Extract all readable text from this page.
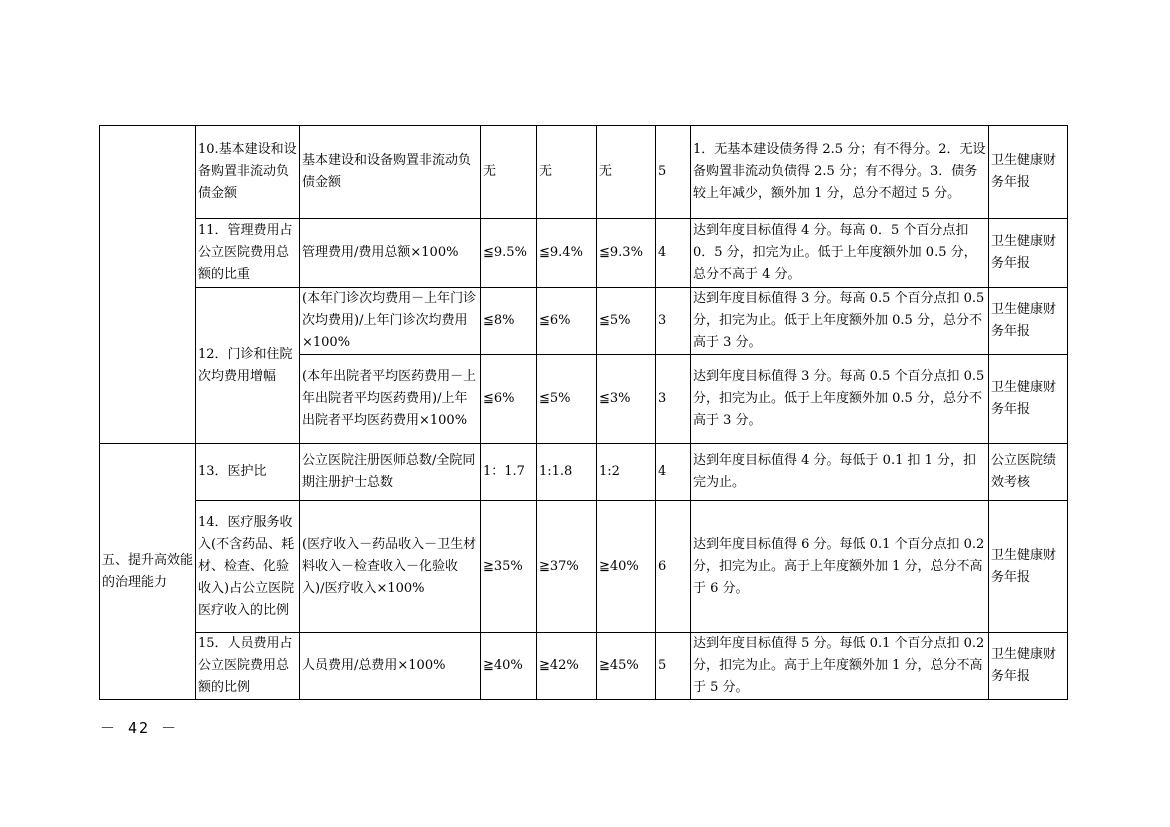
	10.基本建设和设备购置非流动负债金额	基本建设和设备购置非流动负债金额	无	无	无	5	1．无基本建设债务得 2.5 分；有不得分。2．无设备购置非流动负债得 2.5 分；有不得分。3．债务较上年减少，额外加 1 分，总分不超过 5 分。	卫生健康财务年报
	11．管理费用占公立医院费用总额的比重	管理费用/费用总额×100%	≦9.5%	≦9.4%	≦9.3%	4	达到年度目标值得 4 分。每高 0．5 个百分点扣 0．5 分，扣完为止。低于上年度额外加 0.5 分，总分不高于 4 分。	卫生健康财务年报
	12．门诊和住院次均费用增幅	(本年门诊次均费用－上年门诊次均费用)/上年门诊次均费用×100%	≦8%	≦6%	≦5%	3	达到年度目标值得 3 分。每高 0.5 个百分点扣 0.5 分，扣完为止。低于上年度额外加 0.5 分，总分不高于 3 分。	卫生健康财务年报
		(本年出院者平均医药费用－上年出院者平均医药费用)/上年出院者平均医药费用×100%	≦6%	≦5%	≦3%	3	达到年度目标值得 3 分。每高 0.5 个百分点扣 0.5 分，扣完为止。低于上年度额外加 0.5 分，总分不高于 3 分。	卫生健康财务年报
五、提升高效能的治理能力	13．医护比	公立医院注册医师总数/全院同期注册护士总数	1：1.7	1:1.8	1:2	4	达到年度目标值得 4 分。每低于 0.1 扣 1 分，扣完为止。	公立医院绩效考核
	14．医疗服务收入(不含药品、耗材、检查、化验收入)占公立医院医疗收入的比例	(医疗收入－药品收入－卫生材料收入－检查收入－化验收入)/医疗收入×100%	≧35%	≧37%	≧40%	6	达到年度目标值得 6 分。每低 0.1 个百分点扣 0.2 分，扣完为止。高于上年度额外加 1 分，总分不高于 6 分。	卫生健康财务年报
	15．人员费用占公立医院费用总额的比例	人员费用/总费用×100%	≧40%	≧42%	≧45%	5	达到年度目标值得 5 分。每低 0.1 个百分点扣 0.2 分，扣完为止。高于上年度额外加 1 分，总分不高于 5 分。	卫生健康财务年报
－ 42 －
